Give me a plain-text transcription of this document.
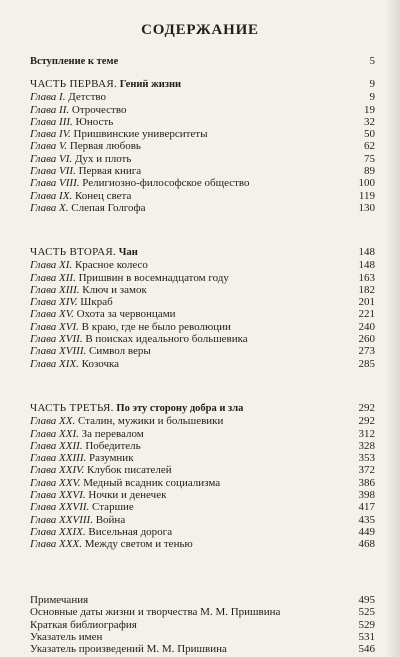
СОДЕРЖАНИЕ
Вступление к теме	5
ЧАСТЬ ПЕРВАЯ. Гений жизни	9
Глава I. Детство	9
Глава II. Отрочество	19
Глава III. Юность	32
Глава IV. Пришвинские университеты	50
Глава V. Первая любовь	62
Глава VI. Дух и плоть	75
Глава VII. Первая книга	89
Глава VIII. Религиозно-философское общество	100
Глава IX. Конец света	119
Глава X. Слепая Голгофа	130
ЧАСТЬ ВТОРАЯ. Чан	148
Глава XI. Красное колесо	148
Глава XII. Пришвин в восемнадцатом году	163
Глава XIII. Ключ и замок	182
Глава XIV. Шкраб	201
Глава XV. Охота за червонцами	221
Глава XVI. В краю, где не было революции	240
Глава XVII. В поисках идеального большевика	260
Глава XVIII. Символ веры	273
Глава XIX. Козочка	285
ЧАСТЬ ТРЕТЬЯ. По эту сторону добра и зла	292
Глава XX. Сталин, мужики и большевики	292
Глава XXI. За перевалом	312
Глава XXII. Победитель	328
Глава XXIII. Разумник	353
Глава XXIV. Клубок писателей	372
Глава XXV. Медный всадник социализма	386
Глава XXVI. Ночки и денечек	398
Глава XXVII. Старшие	417
Глава XXVIII. Война	435
Глава XXIX. Висельная дорога	449
Глава XXX. Между светом и тенью	468
Примечания	495
Основные даты жизни и творчества М. М. Пришвина	525
Краткая библиография	529
Указатель имен	531
Указатель произведений М. М. Пришвина	546
